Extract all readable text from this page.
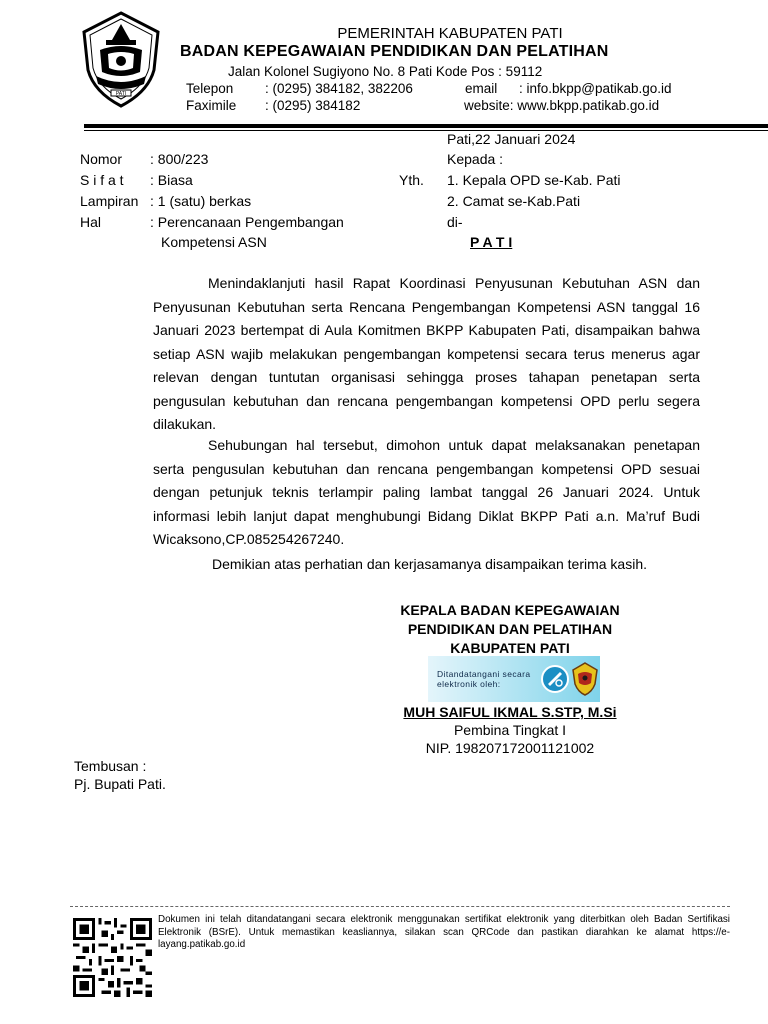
PATI
PEMERINTAH KABUPATEN PATI
BADAN KEPEGAWAIAN PENDIDIKAN DAN PELATIHAN
Jalan Kolonel Sugiyono No. 8 Pati Kode Pos : 59112
Telepon : (0295) 384182, 382206	email : info.bkpp@patikab.go.id
Faximile : (0295) 384182	website: www.bkpp.patikab.go.id
Pati,22 Januari 2024
Nomor : 800/223
S i f a t : Biasa
Lampiran : 1 (satu) berkas
Hal	: Perencanaan Pengembangan
Kompetensi ASN
Kepada :
Yth. 1. Kepala OPD se-Kab. Pati
2. Camat se-Kab.Pati
di-
P A T I
Menindaklanjuti hasil Rapat Koordinasi Penyusunan Kebutuhan ASN dan Penyusunan Kebutuhan serta Rencana Pengembangan Kompetensi ASN tanggal 16 Januari 2023 bertempat di Aula Komitmen BKPP Kabupaten Pati, disampaikan bahwa setiap ASN wajib melakukan pengembangan kompetensi secara terus menerus agar relevan dengan tuntutan organisasi sehingga proses tahapan penetapan serta pengusulan kebutuhan dan rencana pengembangan kompetensi OPD perlu segera dilakukan.
Sehubungan hal tersebut, dimohon untuk dapat melaksanakan penetapan serta pengusulan kebutuhan dan rencana pengembangan kompetensi OPD sesuai dengan petunjuk teknis terlampir paling lambat tanggal 26 Januari 2024. Untuk informasi lebih lanjut dapat menghubungi Bidang Diklat BKPP Pati a.n. Ma’ruf Budi Wicaksono,CP.085254267240.
Demikian atas perhatian dan kerjasamanya disampaikan terima kasih.
KEPALA BADAN KEPEGAWAIAN
PENDIDIKAN DAN PELATIHAN
KABUPATEN PATI
Ditandatangani secara
elektronik oleh:
MUH SAIFUL IKMAL S.STP, M.Si
Pembina Tingkat I
NIP. 198207172001121002
Tembusan :
Pj. Bupati Pati.
Dokumen ini telah ditandatangani secara elektronik menggunakan sertifikat elektronik yang diterbitkan oleh Badan Sertifikasi Elektronik (BSrE). Untuk memastikan keasliannya, silakan scan QRCode dan pastikan diarahkan ke alamat https://e-layang.patikab.go.id
